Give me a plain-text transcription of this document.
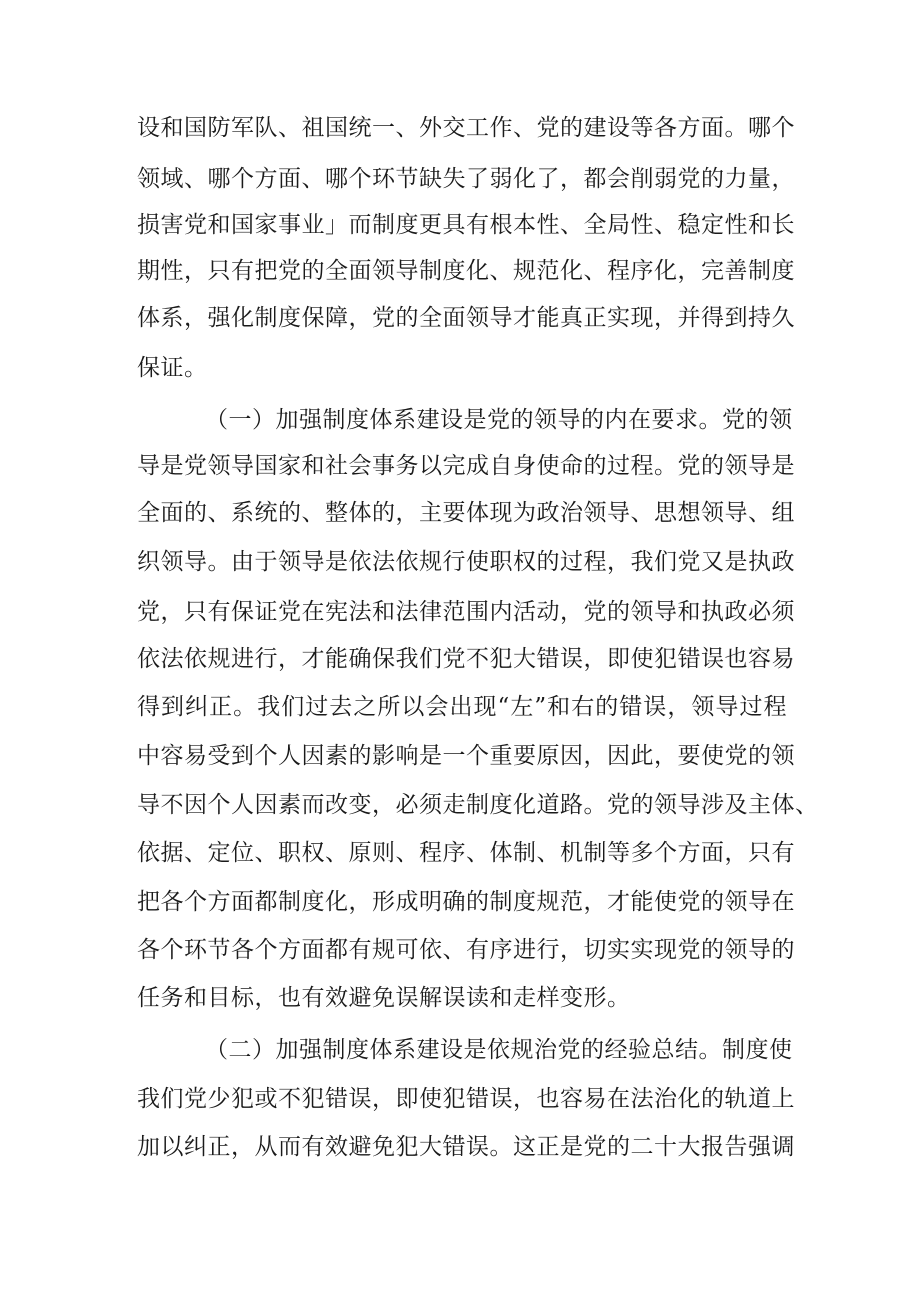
设和国防军队、祖国统一、外交工作、党的建设等各方面。哪个
领域、哪个方面、哪个环节缺失了弱化了，都会削弱党的力量，
损害党和国家事业」而制度更具有根本性、全局性、稳定性和长
期性，只有把党的全面领导制度化、规范化、程序化，完善制度
体系，强化制度保障，党的全面领导才能真正实现，并得到持久
保证。
（一）加强制度体系建设是党的领导的内在要求。党的领
导是党领导国家和社会事务以完成自身使命的过程。党的领导是
全面的、系统的、整体的，主要体现为政治领导、思想领导、组
织领导。由于领导是依法依规行使职权的过程，我们党又是执政
党，只有保证党在宪法和法律范围内活动，党的领导和执政必须
依法依规进行，才能确保我们党不犯大错误，即使犯错误也容易
得到纠正。我们过去之所以会出现“左”和右的错误，领导过程
中容易受到个人因素的影响是一个重要原因，因此，要使党的领
导不因个人因素而改变，必须走制度化道路。党的领导涉及主体、
依据、定位、职权、原则、程序、体制、机制等多个方面，只有
把各个方面都制度化，形成明确的制度规范，才能使党的领导在
各个环节各个方面都有规可依、有序进行，切实实现党的领导的
任务和目标，也有效避免误解误读和走样变形。
（二）加强制度体系建设是依规治党的经验总结。制度使
我们党少犯或不犯错误，即使犯错误，也容易在法治化的轨道上
加以纠正，从而有效避免犯大错误。这正是党的二十大报告强调
